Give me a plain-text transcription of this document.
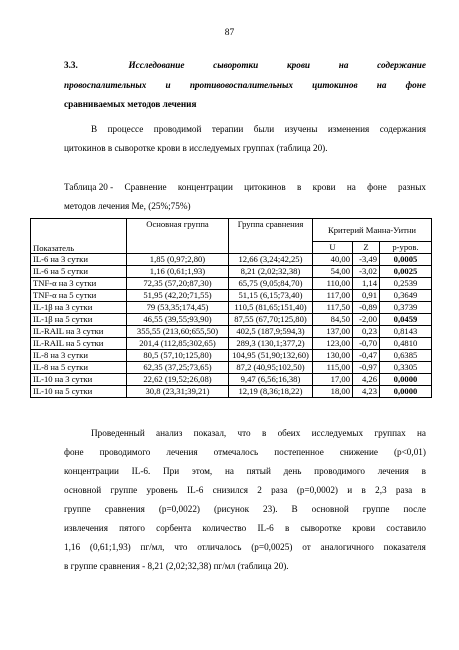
87
3.3.	Исследование	сыворотки	крови	на	содержание
провоспалительных и противовоспалительных цитокинов на фоне
сравниваемых методов лечения
В процессе проводимой терапии были изучены изменения содержания
цитокинов в сыворотке крови в исследуемых группах (таблица 20).
Таблица 20 - Сравнение концентрации цитокинов в крови на фоне разных
методов лечения Ме, (25%;75%)
Показатель	Основная группа	Группа сравнения	Критерий Манна-Уитни		
			U	Z	р-уров.
IL-6 на 3 сутки	1,85 (0,97;2,80)	12,66 (3,24;42,25)	40,00	-3,49	0,0005
IL-6 на 5 сутки	1,16 (0,61;1,93)	8,21 (2,02;32,38)	54,00	-3,02	0,0025
TNF-α на 3 сутки	72,35 (57,20;87,30)	65,75 (9,05;84,70)	110,00	1,14	0,2539
TNF-α на 5 сутки	51,95 (42,20;71,55)	51,15 (6,15;73,40)	117,00	0,91	0,3649
IL-1β на 3 сутки	79 (53,35;174,45)	110,5 (81,65;151,40)	117,50	-0,89	0,3739
IL-1β на 5 сутки	46,55 (39,55;93,90)	87,55 (67,70;125,80)	84,50	-2,00	0,0459
IL-RAIL на 3 сутки	355,55 (213,60;655,50)	402,5 (187,9;594,3)	137,00	0,23	0,8143
IL-RAIL на 5 сутки	201,4 (112,85;302,65)	289,3 (130,1;377,2)	123,00	-0,70	0,4810
IL-8 на 3 сутки	80,5 (57,10;125,80)	104,95 (51,90;132,60)	130,00	-0,47	0,6385
IL-8 на 5 сутки	62,35 (37,25;73,65)	87,2 (40,95;102,50)	115,00	-0,97	0,3305
IL-10 на 3 сутки	22,62 (19,52;26,08)	9,47 (6,56;16,38)	17,00	4,26	0,0000
IL-10 на 5 сутки	30,8 (23,31;39,21)	12,19 (8,36;18,22)	18,00	4,23	0,0000
Проведенный анализ показал, что в обеих исследуемых группах на
фоне проводимого лечения отмечалось постепенное снижение (р<0,01)
концентрации IL-6. При этом, на пятый день проводимого лечения в
основной группе уровень IL-6 снизился 2 раза (р=0,0002) и в 2,3 раза в
группе сравнения (р=0,0022) (рисунок 23). В основной группе после
извлечения пятого сорбента количество IL-6 в сыворотке крови составило
1,16 (0,61;1,93) пг/мл, что отличалось (р=0,0025) от аналогичного показателя
в группе сравнения - 8,21 (2,02;32,38) пг/мл (таблица 20).
